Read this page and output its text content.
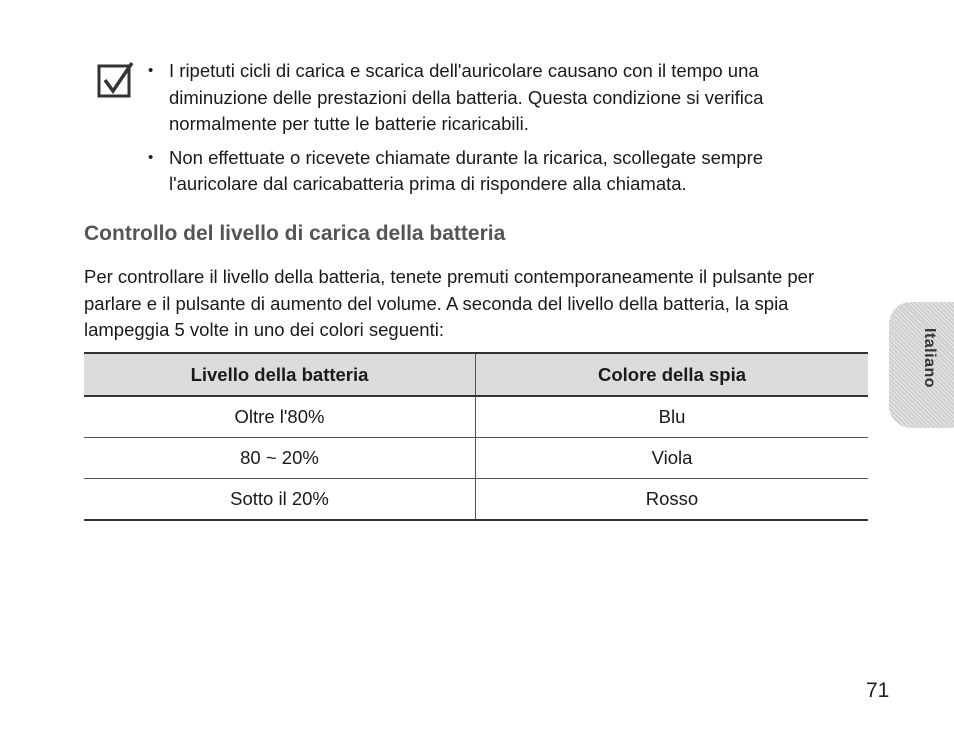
• I ripetuti cicli di carica e scarica dell'auricolare causano con il tempo una diminuzione delle prestazioni della batteria. Questa condizione si verifica normalmente per tutte le batterie ricaricabili.
• Non effettuate o ricevete chiamate durante la ricarica, scollegate sempre l'auricolare dal caricabatteria prima di rispondere alla chiamata.
Controllo del livello di carica della batteria

Per controllare il livello della batteria, tenete premuti contemporaneamente il pulsante per parlare e il pulsante di aumento del volume. A seconda del livello della batteria, la spia lampeggia 5 volte in uno dei colori seguenti:

Livello della batteria	Colore della spia
Oltre l'80%	Blu
80 ~ 20%	Viola
Sotto il 20%	Rosso
Italiano
71
